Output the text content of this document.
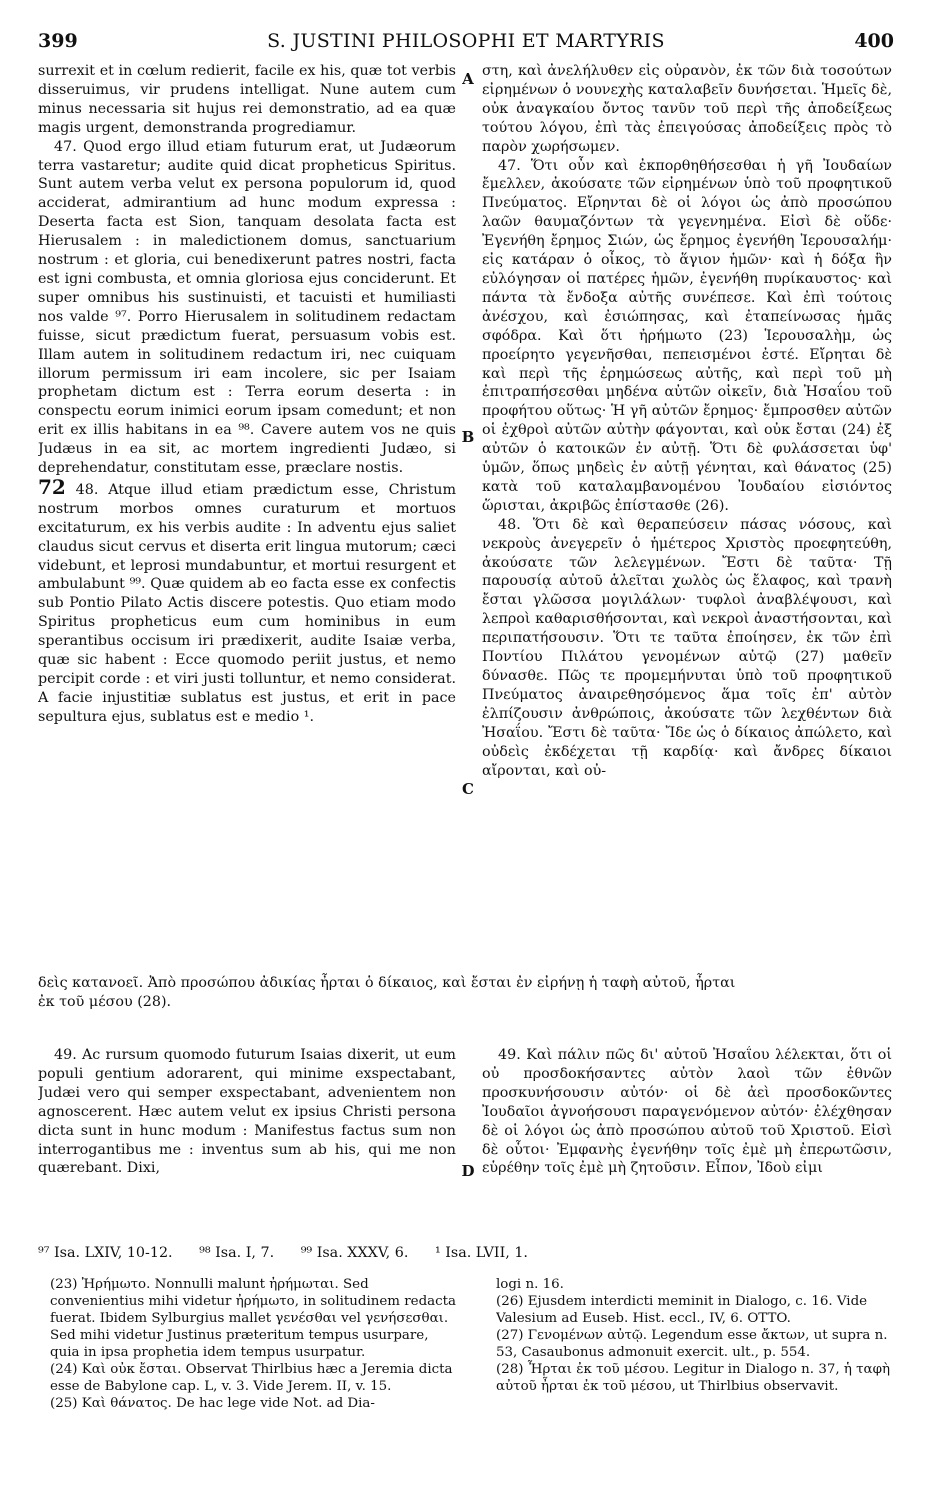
399	S. JUSTINI PHILOSOPHI ET MARTYRIS	400
A
B
C
D

surrexit et in cœlum redierit, facile ex his, quæ tot verbis disseruimus, vir prudens intelligat. Nune autem cum minus necessaria sit hujus rei demonstratio, ad ea quæ magis urgent, demonstranda progrediamur.

47. Quod ergo illud etiam futurum erat, ut Judæorum terra vastaretur; audite quid dicat propheticus Spiritus. Sunt autem verba velut ex persona populorum id, quod acciderat, admirantium ad hunc modum expressa : Deserta facta est Sion, tanquam desolata facta est Hierusalem : in maledictionem domus, sanctuarium nostrum : et gloria, cui benedixerunt patres nostri, facta est igni combusta, et omnia gloriosa ejus conciderunt. Et super omnibus his sustinuisti, et tacuisti et humiliasti nos valde ⁹⁷. Porro Hierusalem in solitudinem redactam fuisse, sicut prædictum fuerat, persuasum vobis est. Illam autem in solitudinem redactum iri, nec cuiquam illorum permissum iri eam incolere, sic per Isaiam prophetam dictum est : Terra eorum deserta : in conspectu eorum inimici eorum ipsam comedunt; et non erit ex illis habitans in ea ⁹⁸. Cavere autem vos ne quis Judæus in ea sit, ac mortem ingredienti Judæo, si deprehendatur, constitutam esse, præclare nostis.

72 48. Atque illud etiam prædictum esse, Christum nostrum morbos omnes curaturum et mortuos excitaturum, ex his verbis audite : In adventu ejus saliet claudus sicut cervus et diserta erit lingua mutorum; cæci videbunt, et leprosi mundabuntur, et mortui resurgent et ambulabunt ⁹⁹. Quæ quidem ab eo facta esse ex confectis sub Pontio Pilato Actis discere potestis. Quo etiam modo Spiritus propheticus eum cum hominibus in eum sperantibus occisum iri prædixerit, audite Isaiæ verba, quæ sic habent : Ecce quomodo periit justus, et nemo percipit corde : et viri justi tolluntur, et nemo considerat. A facie injustitiæ sublatus est justus, et erit in pace sepultura ejus, sublatus est e medio ¹.

στη, καὶ ἀνελήλυθεν εἰς οὐρανὸν, ἐκ τῶν διὰ τοσούτων εἰρημένων ὁ νουνεχὴς καταλαβεῖν δυνήσεται. Ἡμεῖς δὲ, οὐκ ἀναγκαίου ὄντος τανῦν τοῦ περὶ τῆς ἀποδείξεως τούτου λόγου, ἐπὶ τὰς ἐπειγούσας ἀποδείξεις πρὸς τὸ παρὸν χωρήσωμεν.

47. Ὅτι οὖν καὶ ἐκπορθηθήσεσθαι ἡ γῆ Ἰουδαίων ἔμελλεν, ἀκούσατε τῶν εἰρημένων ὑπὸ τοῦ προφητικοῦ Πνεύματος. Εἴρηνται δὲ οἱ λόγοι ὡς ἀπὸ προσώπου λαῶν θαυμαζόντων τὰ γεγενημένα. Εἰσὶ δὲ οὕδε· Ἐγενήθη ἔρημος Σιών, ὡς ἔρημος ἐγενήθη Ἰερουσαλήμ· εἰς κατάραν ὁ οἶκος, τὸ ἅγιον ἡμῶν· καὶ ἡ δόξα ἣν εὐλόγησαν οἱ πατέρες ἡμῶν, ἐγενήθη πυρίκαυστος· καὶ πάντα τὰ ἔνδοξα αὐτῆς συνέπεσε. Καὶ ἐπὶ τούτοις ἀνέσχου, καὶ ἐσιώπησας, καὶ ἐταπείνωσας ἡμᾶς σφόδρα. Καὶ ὅτι ἠρήμωτο (23) Ἱερουσαλὴμ, ὡς προείρητο γεγενῆσθαι, πεπεισμένοι ἐστέ. Εἴρηται δὲ καὶ περὶ τῆς ἐρημώσεως αὐτῆς, καὶ περὶ τοῦ μὴ ἐπιτραπήσεσθαι μηδένα αὐτῶν οἰκεῖν, διὰ Ἠσαΐου τοῦ προφήτου οὕτως· Ἡ γῆ αὐτῶν ἔρημος· ἔμπροσθεν αὐτῶν οἱ ἐχθροὶ αὐτῶν αὐτὴν φάγονται, καὶ οὐκ ἔσται (24) ἐξ αὐτῶν ὁ κατοικῶν ἐν αὐτῇ. Ὅτι δὲ φυλάσσεται ὑφ' ὑμῶν, ὅπως μηδεὶς ἐν αὐτῇ γένηται, καὶ θάνατος (25) κατὰ τοῦ καταλαμβανομένου Ἰουδαίου εἰσιόντος ὥρισται, ἀκριβῶς ἐπίστασθε (26).

48. Ὅτι δὲ καὶ θεραπεύσειν πάσας νόσους, καὶ νεκροὺς ἀνεγερεῖν ὁ ἡμέτερος Χριστὸς προεφητεύθη, ἀκούσατε τῶν λελεγμένων. Ἔστι δὲ ταῦτα· Τῇ παρουσίᾳ αὐτοῦ ἁλεῖται χωλὸς ὡς ἔλαφος, καὶ τρανὴ ἔσται γλῶσσα μογιλάλων· τυφλοὶ ἀναβλέψουσι, καὶ λεπροὶ καθαρισθήσονται, καὶ νεκροὶ ἀναστήσονται, καὶ περιπατήσουσιν. Ὅτι τε ταῦτα ἐποίησεν, ἐκ τῶν ἐπὶ Ποντίου Πιλάτου γενομένων αὐτῷ (27) μαθεῖν δύνασθε. Πῶς τε προμεμήνυται ὑπὸ τοῦ προφητικοῦ Πνεύματος ἀναιρεθησόμενος ἅμα τοῖς ἐπ' αὐτὸν ἐλπίζουσιν ἀνθρώποις, ἀκούσατε τῶν λεχθέντων διὰ Ἠσαΐου. Ἔστι δὲ ταῦτα· Ἴδε ὡς ὁ δίκαιος ἀπώλετο, καὶ οὐδεὶς ἐκδέχεται τῇ καρδίᾳ· καὶ ἄνδρες δίκαιοι αἴρονται, καὶ οὐ-

δεὶς κατανοεῖ. Ἀπὸ προσώπου ἀδικίας ἦρται ὁ δίκαιος, καὶ ἔσται ἐν εἰρήνῃ ἡ ταφὴ αὐτοῦ, ἦρται
ἐκ τοῦ μέσου (28).

49. Ac rursum quomodo futurum Isaias dixerit, ut eum populi gentium adorarent, qui minime exspectabant, Judæi vero qui semper exspectabant, advenientem non agnoscerent. Hæc autem velut ex ipsius Christi persona dicta sunt in hunc modum : Manifestus factus sum non interrogantibus me : inventus sum ab his, qui me non quærebant. Dixi,

49. Καὶ πάλιν πῶς δι' αὐτοῦ Ἠσαΐου λέλεκται, ὅτι οἱ οὐ προσδοκήσαντες αὐτὸν λαοὶ τῶν ἐθνῶν προσκυνήσουσιν αὐτόν· οἱ δὲ ἀεὶ προσδοκῶντες Ἰουδαῖοι ἀγνοήσουσι παραγενόμενον αὐτόν· ἐλέχθησαν δὲ οἱ λόγοι ὡς ἀπὸ προσώπου αὐτοῦ τοῦ Χριστοῦ. Εἰσὶ δὲ οὗτοι· Ἐμφανὴς ἐγενήθην τοῖς ἐμὲ μὴ ἐπερωτῶσιν, εὑρέθην τοῖς ἐμὲ μὴ ζητοῦσιν. Εἶπον, Ἰδοὺ εἰμι

⁹⁷ Isa. LXIV, 10-12. ⁹⁸ Isa. I, 7. ⁹⁹ Isa. XXXV, 6. ¹ Isa. LVII, 1.

(23) Ἠρήμωτο. Nonnulli malunt ἠρήμωται. Sed convenientius mihi videtur ἠρήμωτο, in solitudinem redacta fuerat. Ibidem Sylburgius mallet γενέσθαι vel γενήσεσθαι. Sed mihi videtur Justinus præteritum tempus usurpare, quia in ipsa prophetia idem tempus usurpatur.

(24) Καὶ οὐκ ἔσται. Observat Thirlbius hæc a Jeremia dicta esse de Babylone cap. L, v. 3. Vide Jerem. II, v. 15.

(25) Καὶ θάνατος. De hac lege vide Not. ad Dia-

logi n. 16.

(26) Ejusdem interdicti meminit in Dialogo, c. 16. Vide Valesium ad Euseb. Hist. eccl., IV, 6. OTTO.

(27) Γενομένων αὐτῷ. Legendum esse ἄκτων, ut supra n. 53, Casaubonus admonuit exercit. ult., p. 554.

(28) Ἦρται ἐκ τοῦ μέσου. Legitur in Dialogo n. 37, ἡ ταφὴ αὐτοῦ ἦρται ἐκ τοῦ μέσου, ut Thirlbius observavit.
